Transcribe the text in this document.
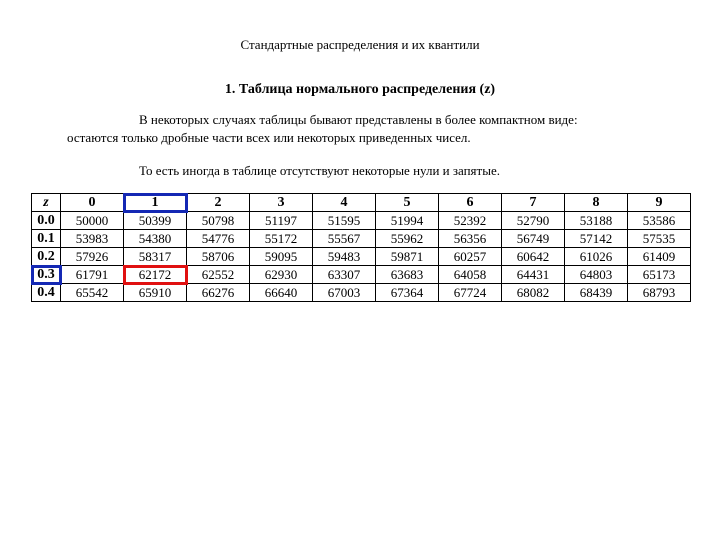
Стандартные распределения и их квантили
1. Таблица нормального распределения (z)
В некоторых случаях таблицы бывают представлены в более компактном виде:
остаются только дробные части всех или некоторых приведенных чисел.
То есть иногда в таблице отсутствуют некоторые нули и запятые.
z	0	1	2	3	4	5	6	7	8	9
0.0	50000	50399	50798	51197	51595	51994	52392	52790	53188	53586
0.1	53983	54380	54776	55172	55567	55962	56356	56749	57142	57535
0.2	57926	58317	58706	59095	59483	59871	60257	60642	61026	61409
0.3	61791	62172	62552	62930	63307	63683	64058	64431	64803	65173
0.4	65542	65910	66276	66640	67003	67364	67724	68082	68439	68793
